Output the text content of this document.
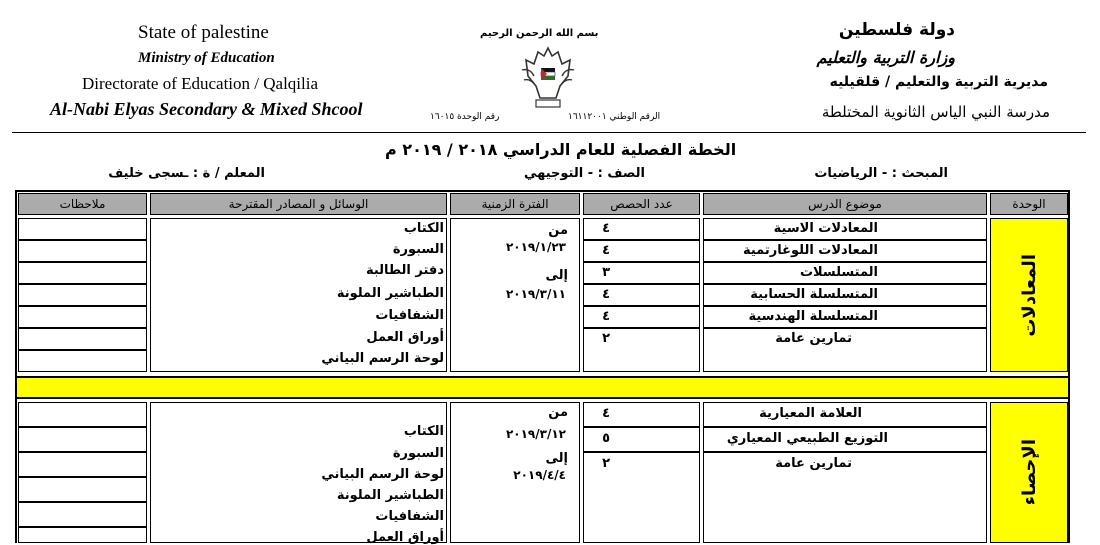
State of palestine
Ministry of Education
Directorate of Education / Qalqilia
Al-Nabi Elyas Secondary & Mixed Shcool
دولة فلسطين
وزارة التربية والتعليم
مديرية التربية والتعليم / قلقيليه
مدرسة النبي الياس الثانوية المختلطة
بسم الله الرحمن الرحيم
الرقم الوطني ١٦١١٢٠٠١
رقم الوحدة ١٦٠١٥
الخطة الفصلية للعام الدراسي ٢٠١٨ / ٢٠١٩ م
المبحث : - الرياضيات
الصف : - التوجيهي
المعلم / ة : ـسجى خليف
الوحدة
موضوع الدرس
عدد الحصص
الفترة الزمنية
الوسائل و المصادر المقترحة
ملاحظات
المعادلات
المعادلات الاسية
المعادلات اللوغارتمية
المتسلسلات
المتسلسلة الحسابية
المتسلسلة الهندسية
تمارين عامة
٤
٤
٣
٤
٤
٢
من
٢٠١٩/١/٢٣
إلى
٢٠١٩/٣/١١
الكتاب
السبورة
دفتر الطالبة
الطباشير الملونة
الشفافيات
أوراق العمل
لوحة الرسم البياني
الإحصاء
العلامة المعيارية
التوزيع الطبيعي المعياري
تمارين عامة
٤
٥
٢
من
٢٠١٩/٣/١٢
إلى
٢٠١٩/٤/٤
الكتاب
السبورة
لوحة الرسم البياني
الطباشير الملونة
الشفافيات
أوراق العمل
